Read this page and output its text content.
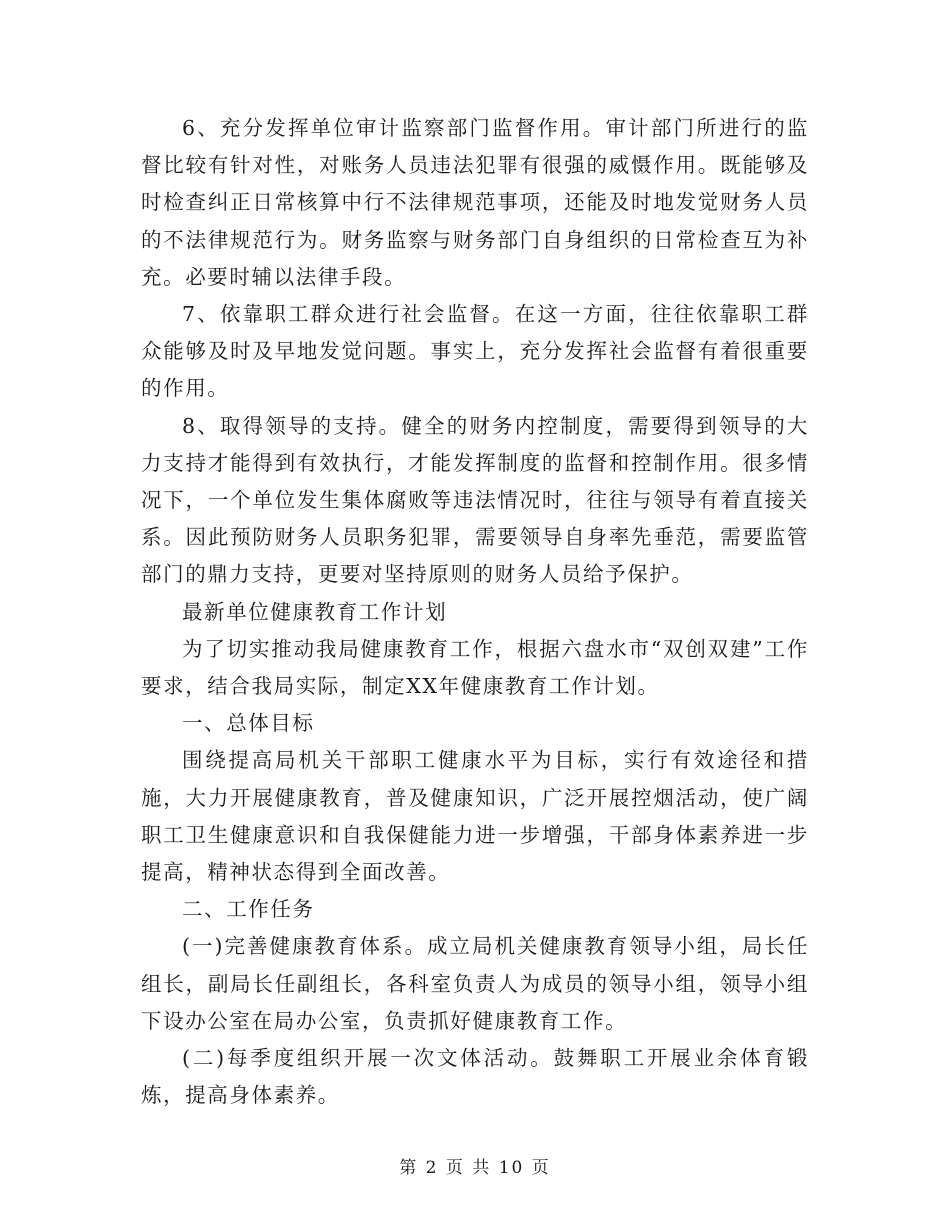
6、充分发挥单位审计监察部门监督作用。审计部门所进行的监督比较有针对性，对账务人员违法犯罪有很强的威慑作用。既能够及时检查纠正日常核算中行不法律规范事项，还能及时地发觉财务人员的不法律规范行为。财务监察与财务部门自身组织的日常检查互为补充。必要时辅以法律手段。

7、依靠职工群众进行社会监督。在这一方面，往往依靠职工群众能够及时及早地发觉问题。事实上，充分发挥社会监督有着很重要的作用。

8、取得领导的支持。健全的财务内控制度，需要得到领导的大力支持才能得到有效执行，才能发挥制度的监督和控制作用。很多情况下，一个单位发生集体腐败等违法情况时，往往与领导有着直接关系。因此预防财务人员职务犯罪，需要领导自身率先垂范，需要监管部门的鼎力支持，更要对坚持原则的财务人员给予保护。

最新单位健康教育工作计划

为了切实推动我局健康教育工作，根据六盘水市“双创双建”工作要求，结合我局实际，制定XX年健康教育工作计划。

一、总体目标

围绕提高局机关干部职工健康水平为目标，实行有效途径和措施，大力开展健康教育，普及健康知识，广泛开展控烟活动，使广阔职工卫生健康意识和自我保健能力进一步增强，干部身体素养进一步提高，精神状态得到全面改善。

二、工作任务

(一)完善健康教育体系。成立局机关健康教育领导小组，局长任组长，副局长任副组长，各科室负责人为成员的领导小组，领导小组下设办公室在局办公室，负责抓好健康教育工作。

(二)每季度组织开展一次文体活动。鼓舞职工开展业余体育锻炼，提高身体素养。

第 2 页 共 10 页
